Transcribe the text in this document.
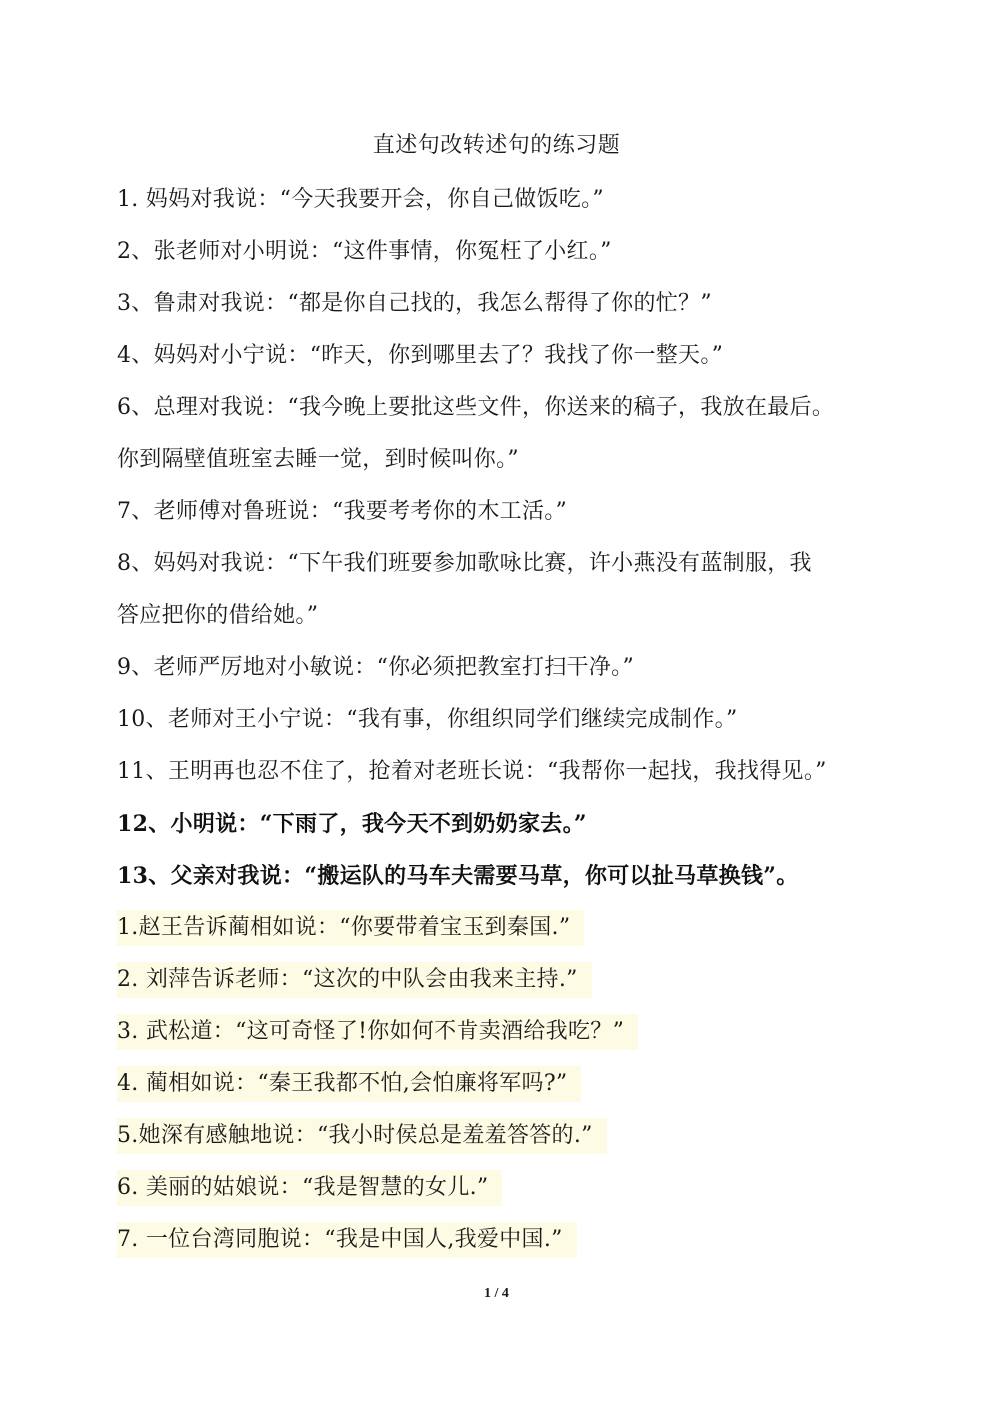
直述句改转述句的练习题
1. 妈妈对我说：“今天我要开会，你自己做饭吃。”
2、张老师对小明说：“这件事情，你冤枉了小红。”
3、鲁肃对我说：“都是你自己找的，我怎么帮得了你的忙？”
4、妈妈对小宁说：“昨天，你到哪里去了？我找了你一整天。”
6、总理对我说：“我今晚上要批这些文件，你送来的稿子，我放在最后。
你到隔壁值班室去睡一觉，到时候叫你。”
7、老师傅对鲁班说：“我要考考你的木工活。”
8、妈妈对我说：“下午我们班要参加歌咏比赛，许小燕没有蓝制服，我
答应把你的借给她。”
9、老师严厉地对小敏说：“你必须把教室打扫干净。”
10、老师对王小宁说：“我有事，你组织同学们继续完成制作。”
11、王明再也忍不住了，抢着对老班长说：“我帮你一起找，我找得见。”
12、小明说：“下雨了，我今天不到奶奶家去。”
13、父亲对我说：“搬运队的马车夫需要马草，你可以扯马草换钱”。
1.赵王告诉蔺相如说：“你要带着宝玉到秦国.”
2. 刘萍告诉老师：“这次的中队会由我来主持.”
3. 武松道：“这可奇怪了!你如何不肯卖酒给我吃？”
4. 蔺相如说：“秦王我都不怕,会怕廉将军吗?”
5.她深有感触地说：“我小时侯总是羞羞答答的.”
6. 美丽的姑娘说：“我是智慧的女儿.”
7. 一位台湾同胞说：“我是中国人,我爱中国.”
1 / 4
